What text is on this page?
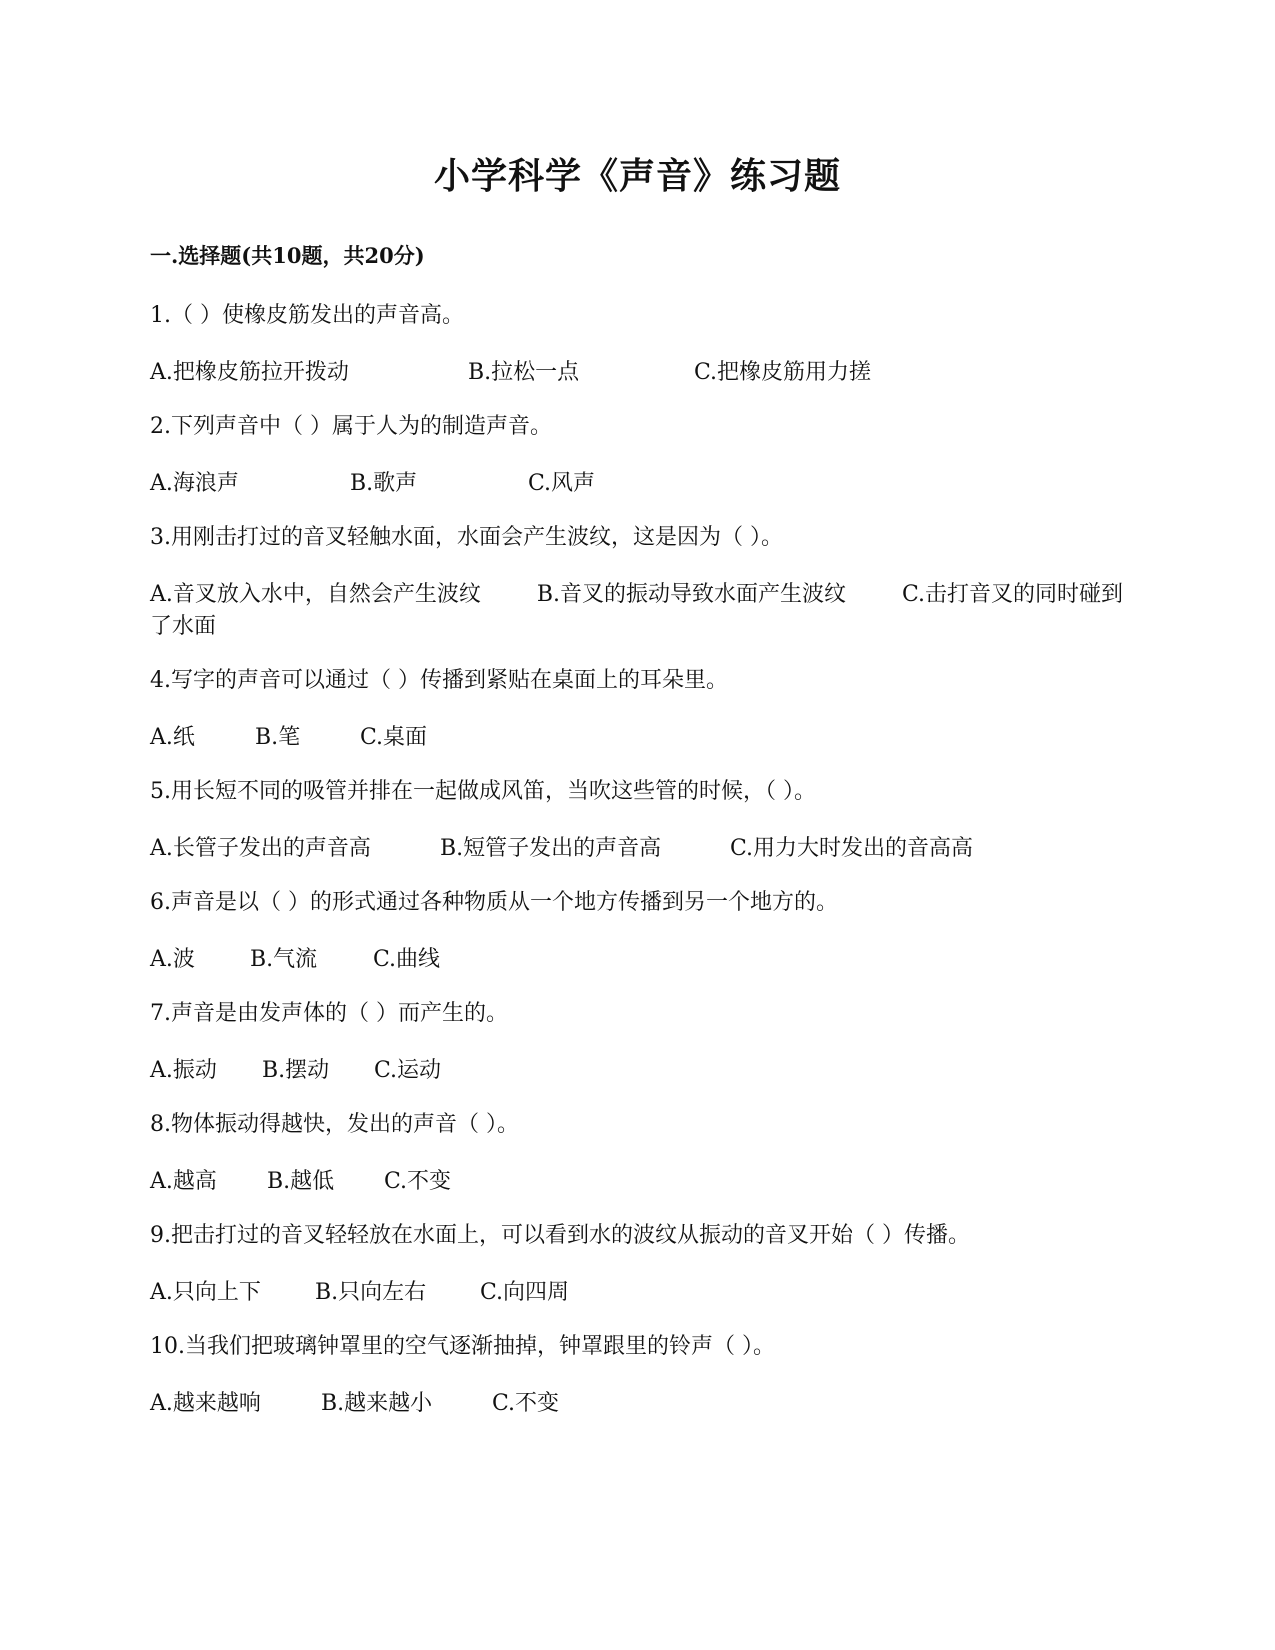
小学科学《声音》练习题
一.选择题(共10题，共20分)

1.（ ）使橡皮筋发出的声音高。

A.把橡皮筋拉开拨动	B.拉松一点	C.把橡皮筋用力搓

2.下列声音中（ ）属于人为的制造声音。

A.海浪声	B.歌声	C.风声

3.用刚击打过的音叉轻触水面，水面会产生波纹，这是因为（ ）。

A.音叉放入水中，自然会产生波纹	B.音叉的振动导致水面产生波纹	C.击打音叉的同时碰到了水面

4.写字的声音可以通过（ ）传播到紧贴在桌面上的耳朵里。

A.纸	B.笔	C.桌面

5.用长短不同的吸管并排在一起做成风笛，当吹这些管的时候，（ ）。

A.长管子发出的声音高	B.短管子发出的声音高	C.用力大时发出的音高高

6.声音是以（ ）的形式通过各种物质从一个地方传播到另一个地方的。

A.波	B.气流	C.曲线

7.声音是由发声体的（ ）而产生的。

A.振动 B.摆动 C.运动

8.物体振动得越快，发出的声音（ ）。

A.越高 B.越低 C.不变

9.把击打过的音叉轻轻放在水面上，可以看到水的波纹从振动的音叉开始（ ）传播。

A.只向上下 B.只向左右 C.向四周

10.当我们把玻璃钟罩里的空气逐渐抽掉，钟罩跟里的铃声（ ）。

A.越来越响	B.越来越小	C.不变
